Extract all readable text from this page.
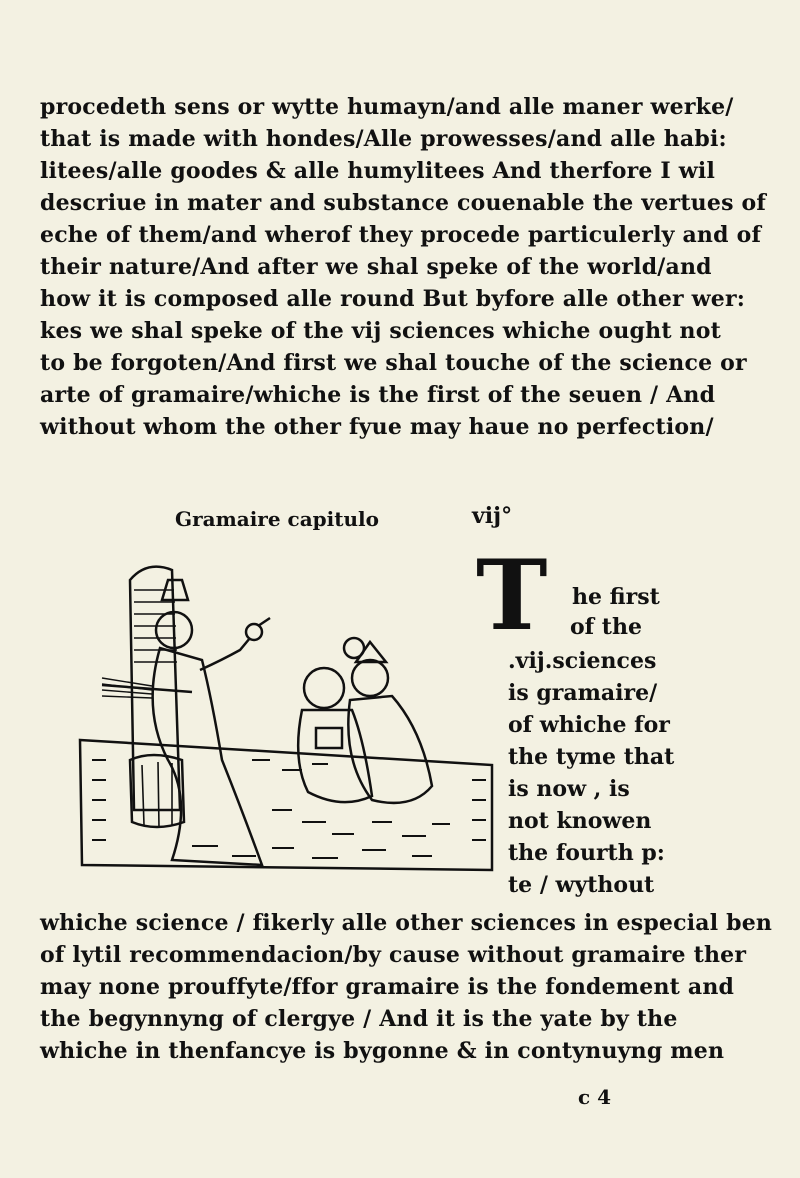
procedeth sens or wytte humayn/and alle maner werke/
that is made with hondes/Alle prowesses/and alle habi:
litees/alle goodes & alle humylitees And therfore I wil
descriue in mater and substance couenable the vertues of
eche of them/and wherof they procede particulerly and of
their nature/And after we shal speke of the world/and
how it is composed alle round But byfore alle other wer:
kes we shal speke of the vij sciences whiche ought not
to be forgoten/And first we shal touche of the science or
arte of gramaire/whiche is the first of the seuen / And
without whom the other fyue may haue no perfection/
Gramaire capitulo	vij°
T he first
of the
.vij.sciences
is gramaire/
of whiche for
the tyme that
is now , is
not knowen
the fourth p:
te / wythout
whiche science / fikerly alle other sciences in especial ben
of lytil recommendacion/by cause without gramaire ther
may none prouffyte/ffor gramaire is the fondement and
the begynnyng of clergye / And it is the yate by the
whiche in thenfancye is bygonne & in contynuyng men
c 4
